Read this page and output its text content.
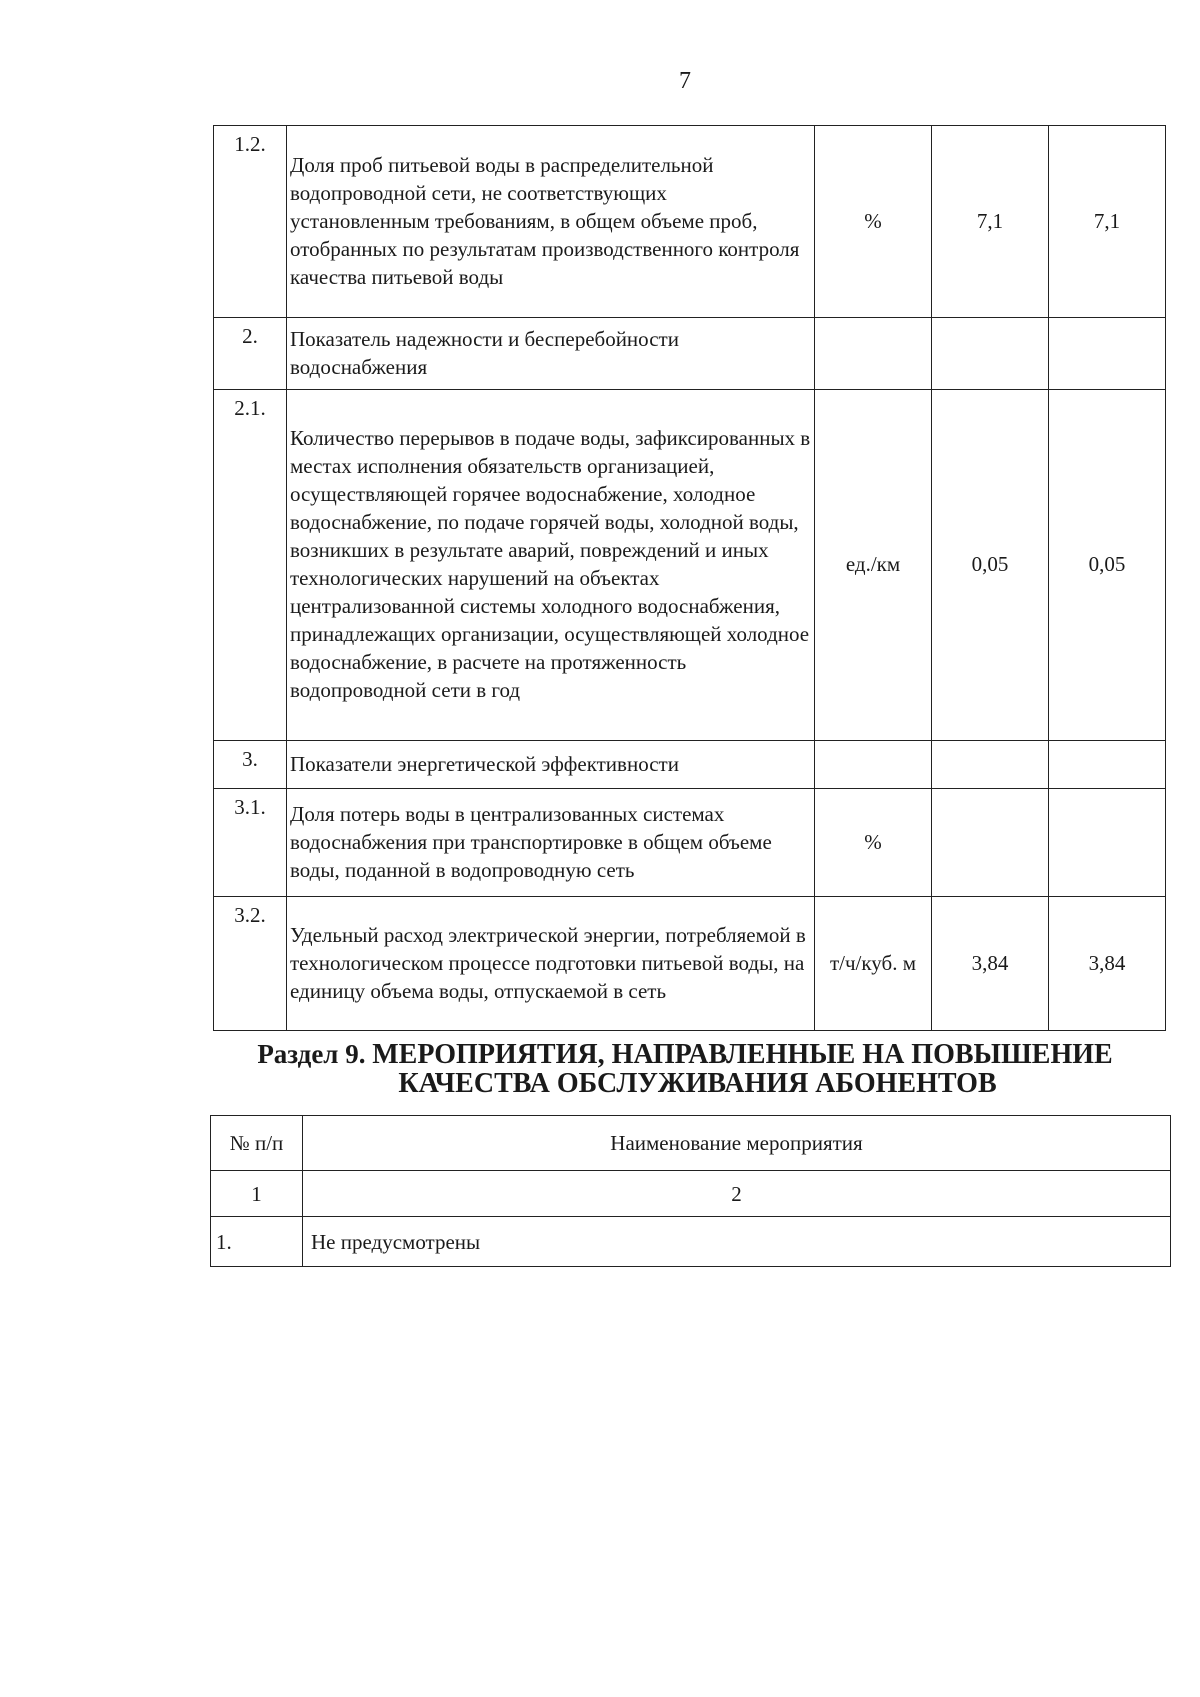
7
1.2.	Доля проб питьевой воды в распределительной водопроводной сети, не соответствующих установленным требованиям, в общем объеме проб, отобранных по результатам производственного контроля качества питьевой воды	%	7,1	7,1
2.	Показатель надежности и бесперебойности водоснабжения			
2.1.	Количество перерывов в подаче воды, зафиксированных в местах исполнения обязательств организацией, осуществляющей горячее водоснабжение, холодное водоснабжение, по подаче горячей воды, холодной воды, возникших в результате аварий, повреждений и иных технологических нарушений на объектах централизованной системы холодного водоснабжения, принадлежащих организации, осуществляющей холодное водоснабжение, в расчете на протяженность водопроводной сети в год	ед./км	0,05	0,05
3.	Показатели энергетической эффективности			
3.1.	Доля потерь воды в централизованных системах водоснабжения при транспортировке в общем объеме воды, поданной в водопроводную сеть	%		
3.2.	Удельный расход электрической энергии, потребляемой в технологическом процессе подготовки питьевой воды, на единицу объема воды, отпускаемой в сеть	т/ч/куб. м	3,84	3,84
Раздел 9. МЕРОПРИЯТИЯ, НАПРАВЛЕННЫЕ НА ПОВЫШЕНИЕ
КАЧЕСТВА ОБСЛУЖИВАНИЯ АБОНЕНТОВ
№ п/п	Наименование мероприятия
1	2
1.	Не предусмотрены
